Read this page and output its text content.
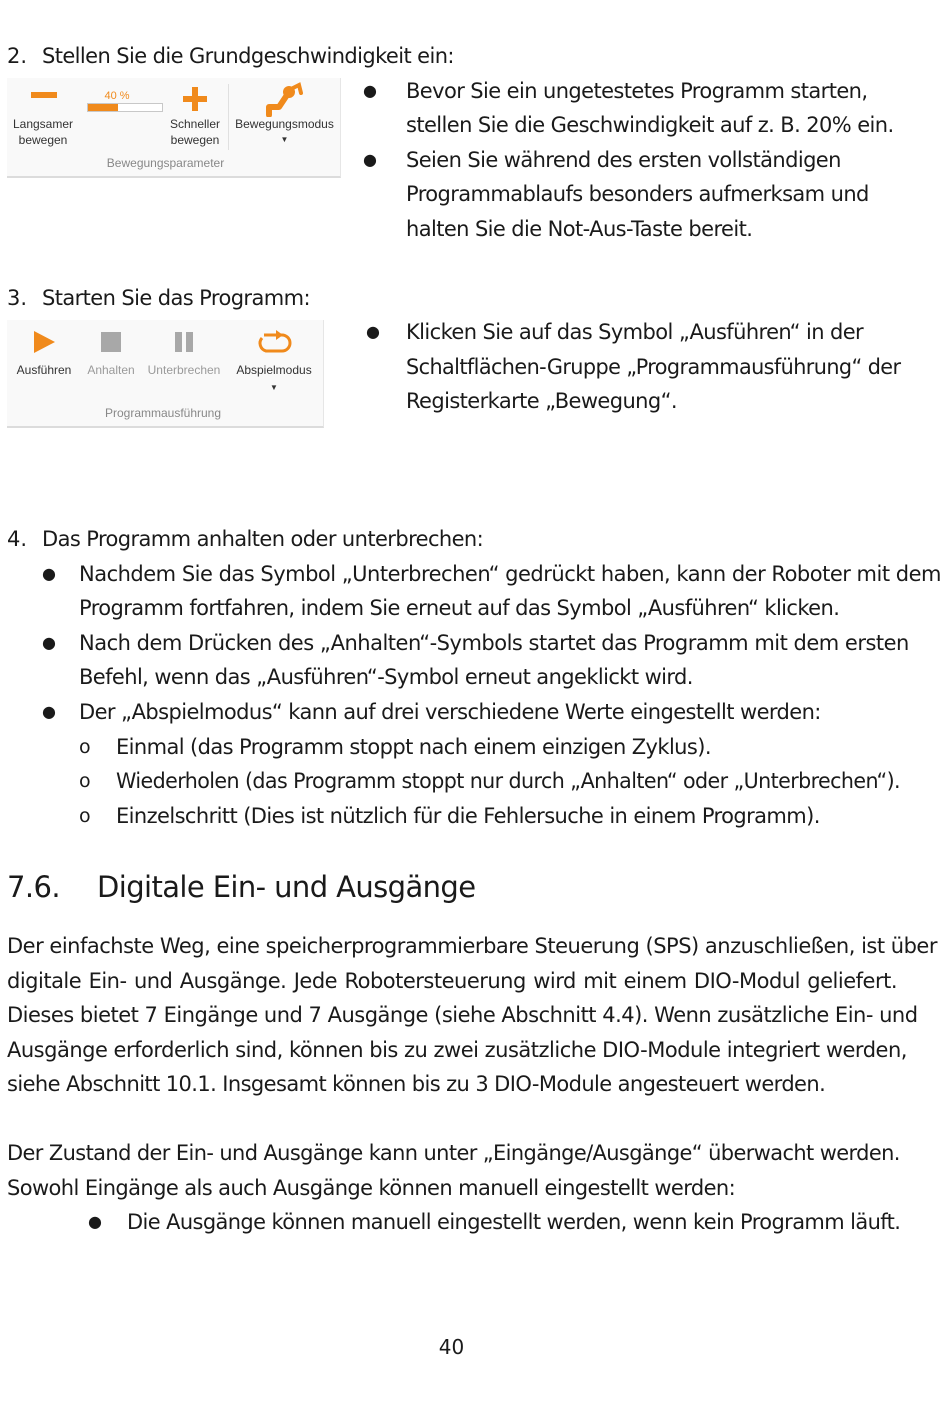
2. Stellen Sie die Grundgeschwindigkeit ein:
Langsamer
bewegen
40 %
Schneller
bewegen
Bewegungsmodus
▼
Bewegungsparameter
● Bevor Sie ein ungetestetes Programm starten,
stellen Sie die Geschwindigkeit auf z. B. 20% ein.
● Seien Sie während des ersten vollständigen
Programmablaufs besonders aufmerksam und
halten Sie die Not-Aus-Taste bereit.
3. Starten Sie das Programm:
Ausführen	Anhalten	Unterbrechen	Abspielmodus
▼
Programmausführung
● Klicken Sie auf das Symbol „Ausführen“ in der
Schaltflächen-Gruppe „Programmausführung“ der
Registerkarte „Bewegung“.
4. Das Programm anhalten oder unterbrechen:
● Nachdem Sie das Symbol „Unterbrechen“ gedrückt haben, kann der Roboter mit dem
Programm fortfahren, indem Sie erneut auf das Symbol „Ausführen“ klicken.
● Nach dem Drücken des „Anhalten“-Symbols startet das Programm mit dem ersten
Befehl, wenn das „Ausführen“-Symbol erneut angeklickt wird.
● Der „Abspielmodus“ kann auf drei verschiedene Werte eingestellt werden:
o Einmal (das Programm stoppt nach einem einzigen Zyklus).
o Wiederholen (das Programm stoppt nur durch „Anhalten“ oder „Unterbrechen“).
o Einzelschritt (Dies ist nützlich für die Fehlersuche in einem Programm).
7.6. Digitale Ein- und Ausgänge
Der einfachste Weg, eine speicherprogrammierbare Steuerung (SPS) anzuschließen, ist über
digitale Ein- und Ausgänge. Jede Robotersteuerung wird mit einem DIO-Modul geliefert.
Dieses bietet 7 Eingänge und 7 Ausgänge (siehe Abschnitt 4.4). Wenn zusätzliche Ein- und
Ausgänge erforderlich sind, können bis zu zwei zusätzliche DIO-Module integriert werden,
siehe Abschnitt 10.1. Insgesamt können bis zu 3 DIO-Module angesteuert werden.
Der Zustand der Ein- und Ausgänge kann unter „Eingänge/Ausgänge“ überwacht werden.
Sowohl Eingänge als auch Ausgänge können manuell eingestellt werden:
● Die Ausgänge können manuell eingestellt werden, wenn kein Programm läuft.
40
